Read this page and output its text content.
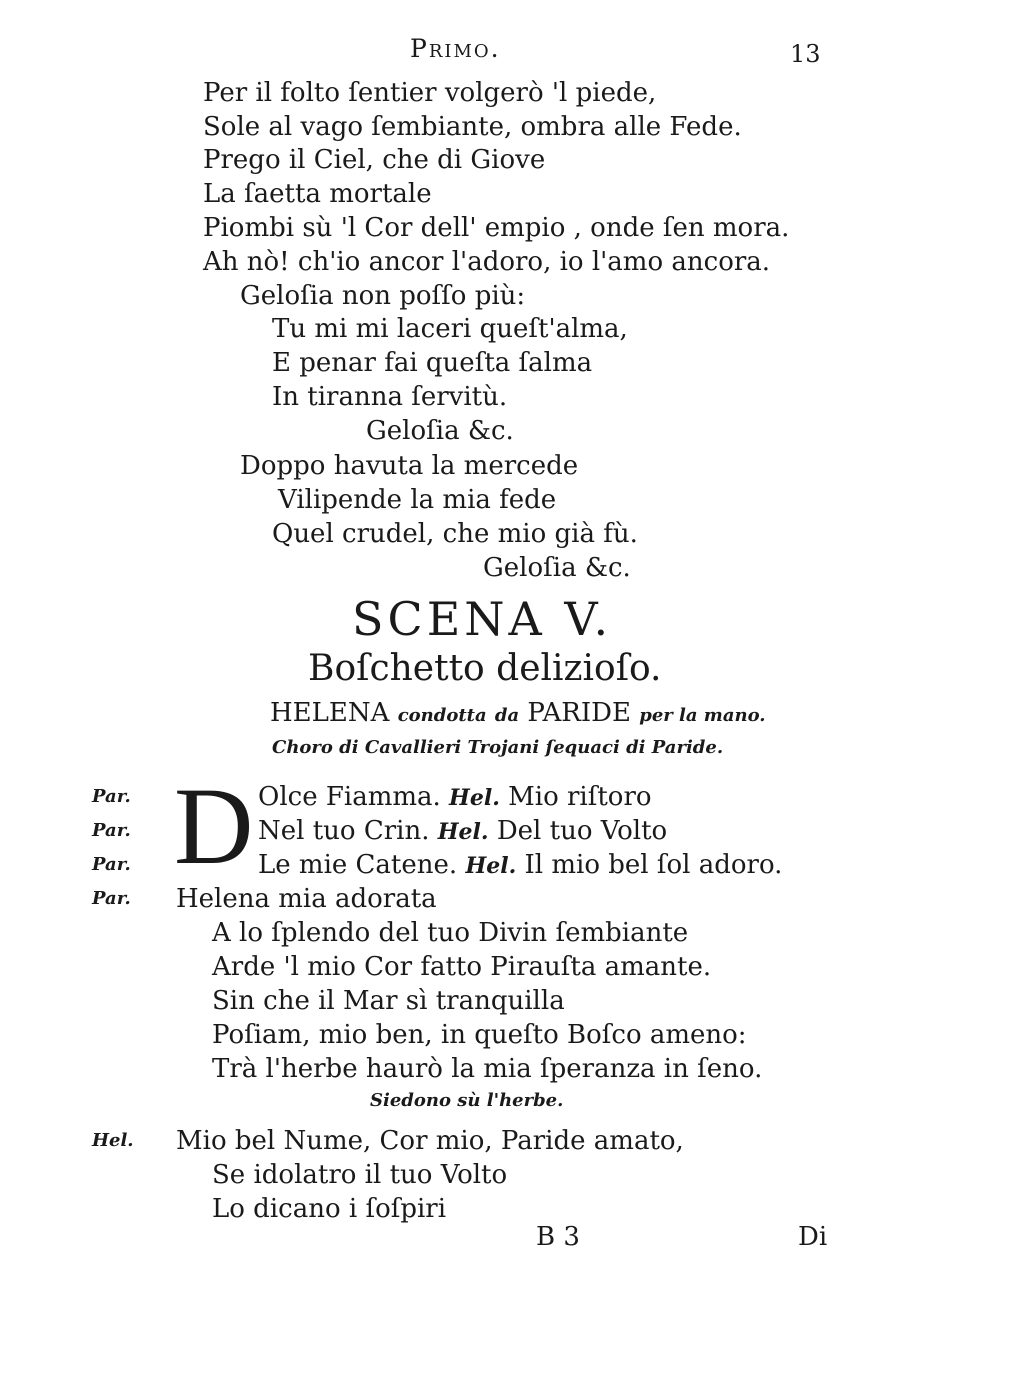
Primo.	13
Per il folto ſentier volgerò 'l piede,
Sole al vago ſembiante, ombra alle Fede.
Prego il Ciel, che di Giove
La ſaetta mortale
Piombi sù 'l Cor dell' empio , onde ſen mora.
Ah nò! ch'io ancor l'adoro, io l'amo ancora.
Geloſia non poſſo più:
Tu mi mi laceri queſt'alma,
E penar fai queſta ſalma
In tiranna ſervitù.
Geloſia &c.
Doppo havuta la mercede
Vilipende la mia fede
Quel crudel, che mio già fù.
Geloſia &c.
SCENA V.
Boſchetto delizioſo.
HELENA condotta da PARIDE per la mano.
Choro di Cavallieri Trojani ſequaci di Paride.
D
Par.
Par.
Par.
Par.
Hel.
Olce Fiamma. Hel. Mio riſtoro
Nel tuo Crin. Hel. Del tuo Volto
Le mie Catene. Hel. Il mio bel ſol adoro.
Helena mia adorata
A lo ſplendo del tuo Divin ſembiante
Arde 'l mio Cor fatto Pirauſta amante.
Sin che il Mar sì tranquilla
Poſiam, mio ben, in queſto Boſco ameno:
Trà l'herbe haurò la mia ſperanza in ſeno.
Siedono sù l'herbe.
Mio bel Nume, Cor mio, Paride amato,
Se idolatro il tuo Volto
Lo dicano i ſoſpiri
B 3	Di
